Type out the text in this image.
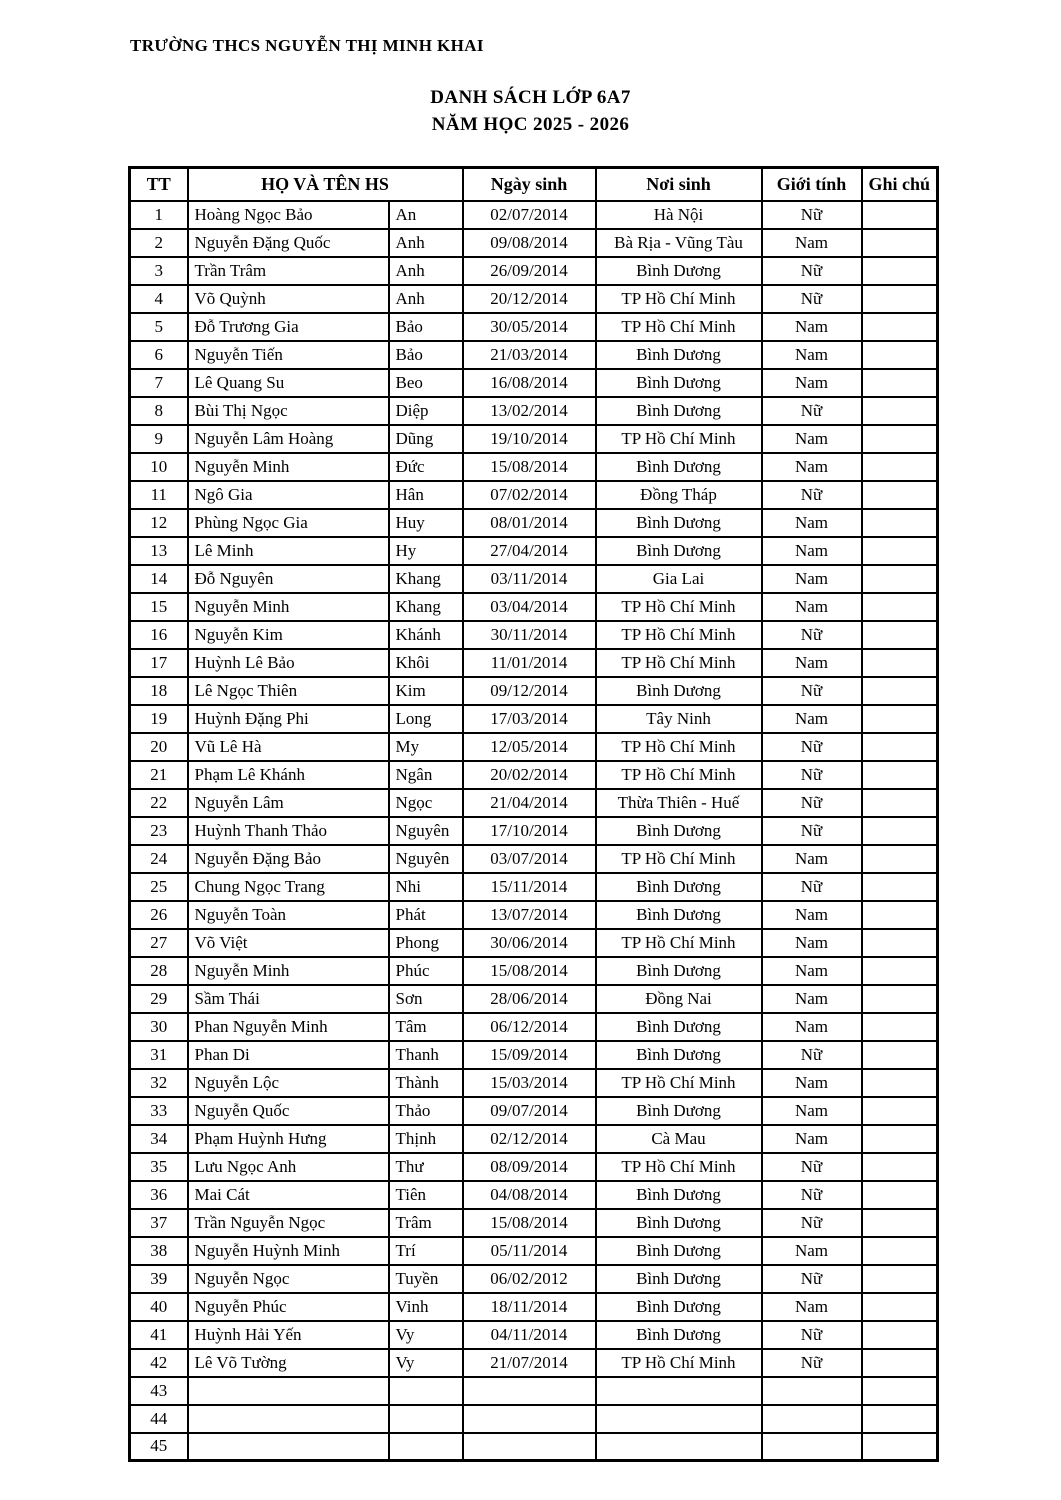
TRƯỜNG THCS NGUYỄN THỊ MINH KHAI
DANH SÁCH LỚP 6A7
NĂM HỌC 2025 - 2026
TT	HỌ VÀ TÊN HS		Ngày sinh	Nơi sinh	Giới tính	Ghi chú
1	Hoàng Ngọc Bảo	An	02/07/2014	Hà Nội	Nữ	
2	Nguyễn Đặng Quốc	Anh	09/08/2014	Bà Rịa - Vũng Tàu	Nam	
3	Trần Trâm	Anh	26/09/2014	Bình Dương	Nữ	
4	Võ Quỳnh	Anh	20/12/2014	TP Hồ Chí Minh	Nữ	
5	Đỗ Trương Gia	Bảo	30/05/2014	TP Hồ Chí Minh	Nam	
6	Nguyễn Tiến	Bảo	21/03/2014	Bình Dương	Nam	
7	Lê Quang Su	Beo	16/08/2014	Bình Dương	Nam	
8	Bùi Thị Ngọc	Diệp	13/02/2014	Bình Dương	Nữ	
9	Nguyễn Lâm Hoàng	Dũng	19/10/2014	TP Hồ Chí Minh	Nam	
10	Nguyễn Minh	Đức	15/08/2014	Bình Dương	Nam	
11	Ngô Gia	Hân	07/02/2014	Đồng Tháp	Nữ	
12	Phùng Ngọc Gia	Huy	08/01/2014	Bình Dương	Nam	
13	Lê Minh	Hy	27/04/2014	Bình Dương	Nam	
14	Đỗ Nguyên	Khang	03/11/2014	Gia Lai	Nam	
15	Nguyễn Minh	Khang	03/04/2014	TP Hồ Chí Minh	Nam	
16	Nguyễn Kim	Khánh	30/11/2014	TP Hồ Chí Minh	Nữ	
17	Huỳnh Lê Bảo	Khôi	11/01/2014	TP Hồ Chí Minh	Nam	
18	Lê Ngọc Thiên	Kim	09/12/2014	Bình Dương	Nữ	
19	Huỳnh Đặng Phi	Long	17/03/2014	Tây Ninh	Nam	
20	Vũ Lê Hà	My	12/05/2014	TP Hồ Chí Minh	Nữ	
21	Phạm Lê Khánh	Ngân	20/02/2014	TP Hồ Chí Minh	Nữ	
22	Nguyễn Lâm	Ngọc	21/04/2014	Thừa Thiên - Huế	Nữ	
23	Huỳnh Thanh Thảo	Nguyên	17/10/2014	Bình Dương	Nữ	
24	Nguyễn Đặng Bảo	Nguyên	03/07/2014	TP Hồ Chí Minh	Nam	
25	Chung Ngọc Trang	Nhi	15/11/2014	Bình Dương	Nữ	
26	Nguyễn Toàn	Phát	13/07/2014	Bình Dương	Nam	
27	Võ Việt	Phong	30/06/2014	TP Hồ Chí Minh	Nam	
28	Nguyễn Minh	Phúc	15/08/2014	Bình Dương	Nam	
29	Sầm Thái	Sơn	28/06/2014	Đồng Nai	Nam	
30	Phan Nguyễn Minh	Tâm	06/12/2014	Bình Dương	Nam	
31	Phan Di	Thanh	15/09/2014	Bình Dương	Nữ	
32	Nguyễn Lộc	Thành	15/03/2014	TP Hồ Chí Minh	Nam	
33	Nguyễn Quốc	Thảo	09/07/2014	Bình Dương	Nam	
34	Phạm Huỳnh Hưng	Thịnh	02/12/2014	Cà Mau	Nam	
35	Lưu Ngọc Anh	Thư	08/09/2014	TP Hồ Chí Minh	Nữ	
36	Mai Cát	Tiên	04/08/2014	Bình Dương	Nữ	
37	Trần Nguyễn Ngọc	Trâm	15/08/2014	Bình Dương	Nữ	
38	Nguyễn Huỳnh Minh	Trí	05/11/2014	Bình Dương	Nam	
39	Nguyễn Ngọc	Tuyền	06/02/2012	Bình Dương	Nữ	
40	Nguyễn Phúc	Vinh	18/11/2014	Bình Dương	Nam	
41	Huỳnh Hải Yến	Vy	04/11/2014	Bình Dương	Nữ	
42	Lê Võ Tường	Vy	21/07/2014	TP Hồ Chí Minh	Nữ	
43						
44						
45						
